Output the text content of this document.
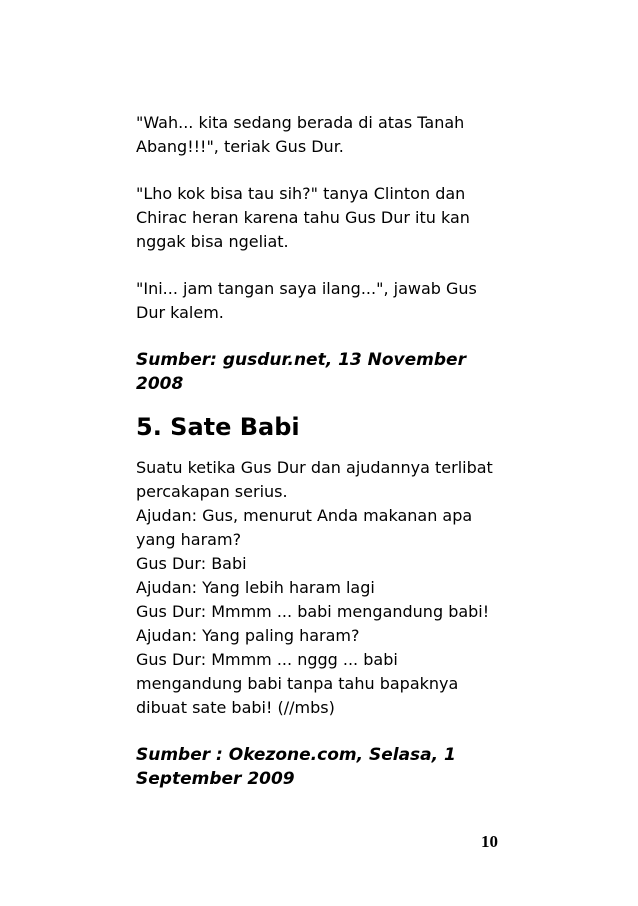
"Wah... kita sedang berada di atas Tanah
Abang!!!", teriak Gus Dur.

"Lho kok bisa tau sih?" tanya Clinton dan
Chirac heran karena tahu Gus Dur itu kan
nggak bisa ngeliat.

"Ini... jam tangan saya ilang...", jawab Gus
Dur kalem.

Sumber: gusdur.net, 13 November
2008

5. Sate Babi

Suatu ketika Gus Dur dan ajudannya terlibat
percakapan serius.
Ajudan: Gus, menurut Anda makanan apa
yang haram?
Gus Dur: Babi
Ajudan: Yang lebih haram lagi
Gus Dur: Mmmm ... babi mengandung babi!
Ajudan: Yang paling haram?
Gus Dur: Mmmm ... nggg ... babi
mengandung babi tanpa tahu bapaknya
dibuat sate babi! (//mbs)

Sumber : Okezone.com, Selasa, 1
September 2009

10
